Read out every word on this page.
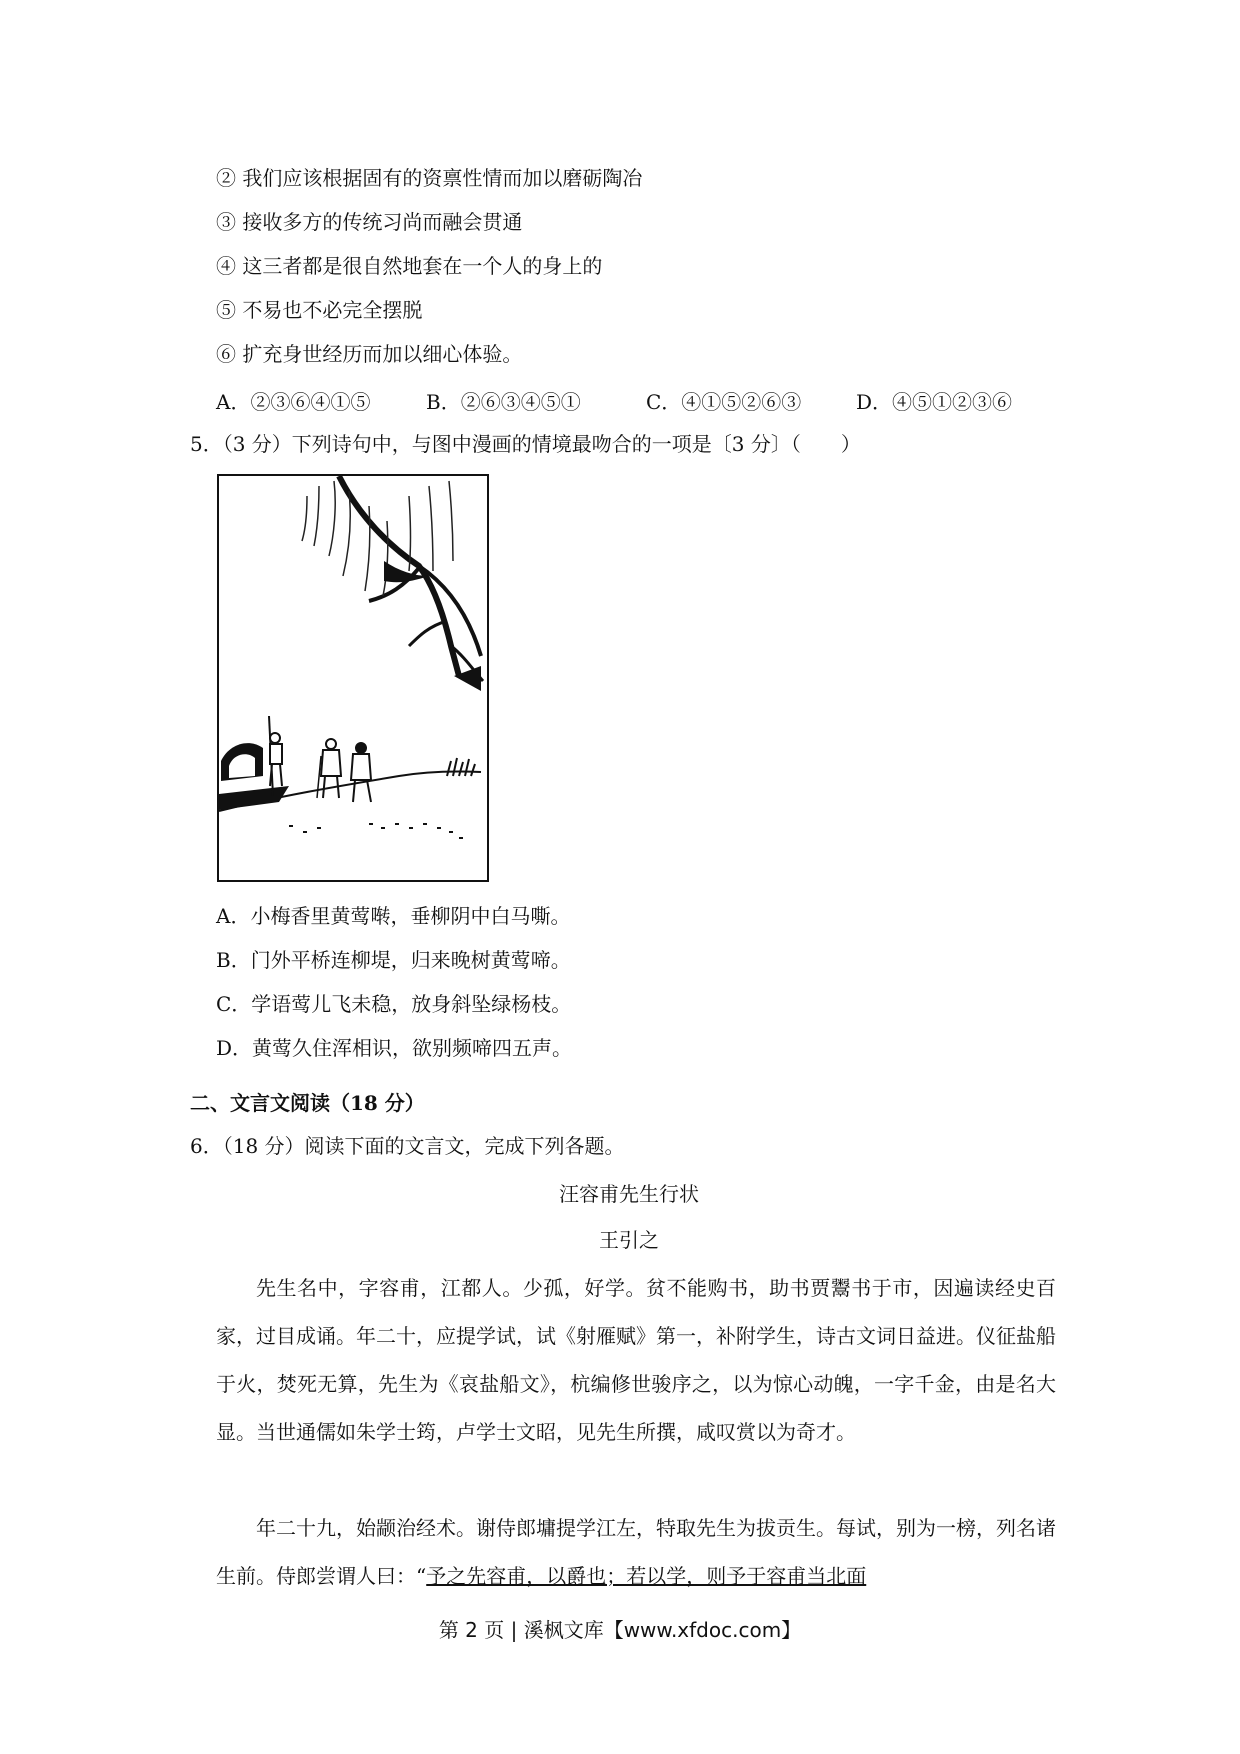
② 我们应该根据固有的资禀性情而加以磨砺陶冶
③ 接收多方的传统习尚而融会贯通
④ 这三者都是很自然地套在一个人的身上的
⑤ 不易也不必完全摆脱
⑥ 扩充身世经历而加以细心体验。
A．②③⑥④①⑤	B．②⑥③④⑤①	C．④①⑤②⑥③	D．④⑤①②③⑥
5．（3 分）下列诗句中，与图中漫画的情境最吻合的一项是〔3 分〕（　　）
A．小梅香里黄莺啭，垂柳阴中白马嘶。
B．门外平桥连柳堤，归来晚树黄莺啼。
C．学语莺儿飞未稳，放身斜坠绿杨枝。
D．黄莺久住浑相识，欲别频啼四五声。
二、文言文阅读（18 分）
6．（18 分）阅读下面的文言文，完成下列各题。
汪容甫先生行状
王引之
先生名中，字容甫，江都人。少孤，好学。贫不能购书，助书贾鬻书于市，因遍读经史百家，过目成诵。年二十，应提学试，试《射雁赋》第一，补附学生，诗古文词日益进。仪征盐船于火，焚死无算，先生为《哀盐船文》，杭编修世骏序之，以为惊心动魄，一字千金，由是名大显。当世通儒如朱学士筠，卢学士文昭，见先生所撰，咸叹赏以为奇才。
年二十九，始颛治经术。谢侍郎墉提学江左，特取先生为拔贡生。每试，别为一榜，列名诸生前。侍郎尝谓人曰：“予之先容甫，以爵也；若以学，则予于容甫当北面
第 2 页 | 溪枫文库【www.xfdoc.com】
